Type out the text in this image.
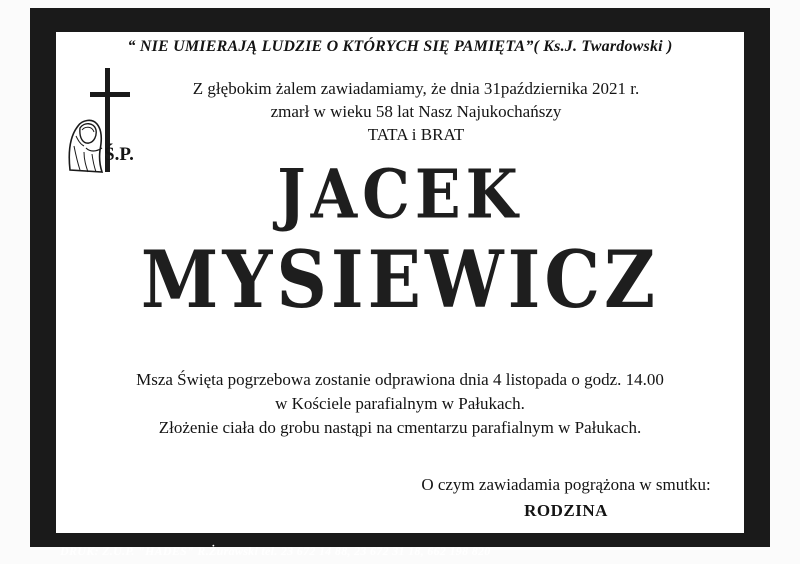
“ NIE UMIERAJĄ LUDZIE O KTÓRYCH SIĘ PAMIĘTA”( Ks.J. Twardowski )
Ś.P.
Z głębokim żalem zawiadamiamy, że dnia 31października 2021 r.
zmarł w wieku 58 lat Nasz Najukochańszy
TATA i BRAT
JACEK
MYSIEWICZ
Msza Święta pogrzebowa zostanie odprawiona dnia 4 listopada o godz. 14.00
w Kościele parafialnym w Pałukach.
Złożenie ciała do grobu nastąpi na cmentarzu parafialnym w Pałukach.
O czym zawiadamia pogrążona w smutku:
RODZINA
DRUK: Z.U.P. "HADES" R.Żurawski tel. 23 672 14 88, 23 672 31 18, 662 198 820
